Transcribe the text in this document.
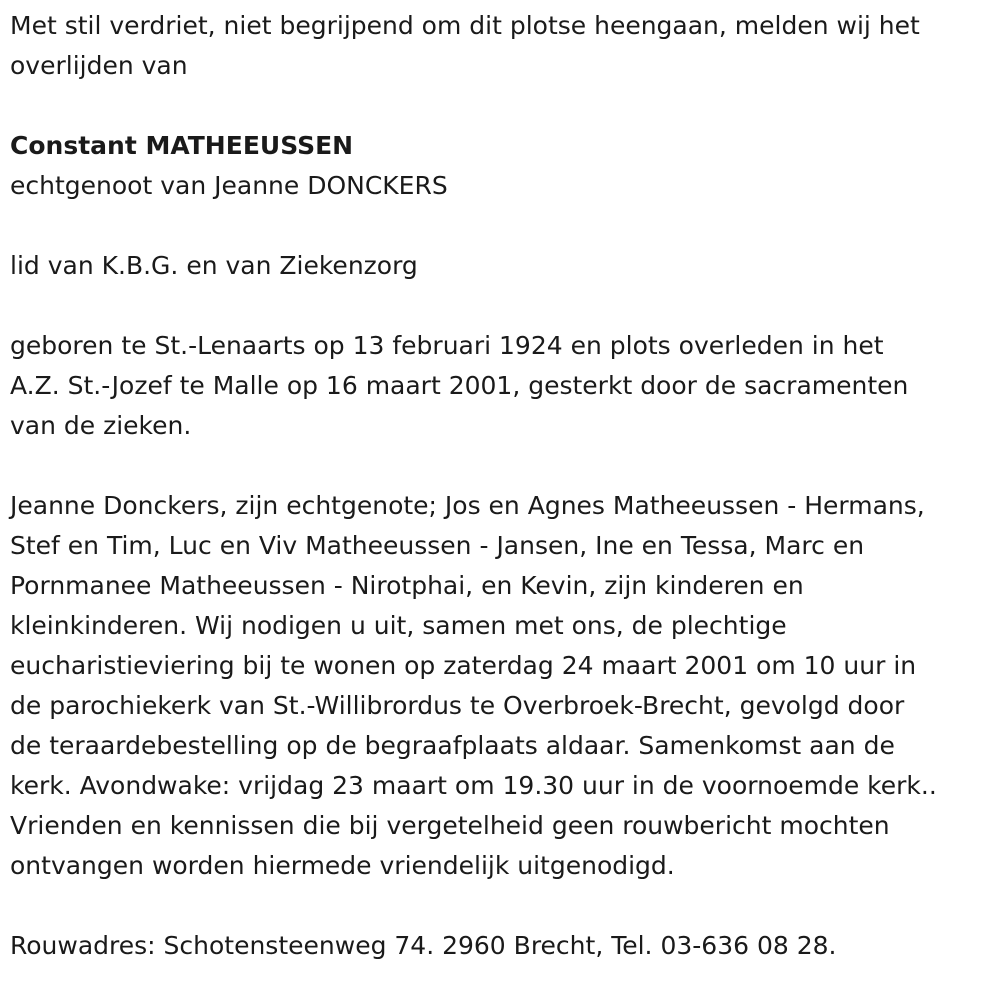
Met stil verdriet, niet begrijpend om dit plotse heengaan, melden wij het
overlijden van
Constant MATHEEUSSEN
echtgenoot van Jeanne DONCKERS
lid van K.B.G. en van Ziekenzorg
geboren te St.-Lenaarts op 13 februari 1924 en plots overleden in het
A.Z. St.-Jozef te Malle op 16 maart 2001, gesterkt door de sacramenten
van de zieken.
Jeanne Donckers, zijn echtgenote; Jos en Agnes Matheeussen - Hermans,
Stef en Tim, Luc en Viv Matheeussen - Jansen, Ine en Tessa, Marc en
Pornmanee Matheeussen - Nirotphai, en Kevin, zijn kinderen en
kleinkinderen. Wij nodigen u uit, samen met ons, de plechtige
eucharistieviering bij te wonen op zaterdag 24 maart 2001 om 10 uur in
de parochiekerk van St.-Willibrordus te Overbroek-Brecht, gevolgd door
de teraardebestelling op de begraafplaats aldaar. Samenkomst aan de
kerk. Avondwake: vrijdag 23 maart om 19.30 uur in de voornoemde kerk..
Vrienden en kennissen die bij vergetelheid geen rouwbericht mochten
ontvangen worden hiermede vriendelijk uitgenodigd.
Rouwadres: Schotensteenweg 74. 2960 Brecht, Tel. 03-636 08 28.
